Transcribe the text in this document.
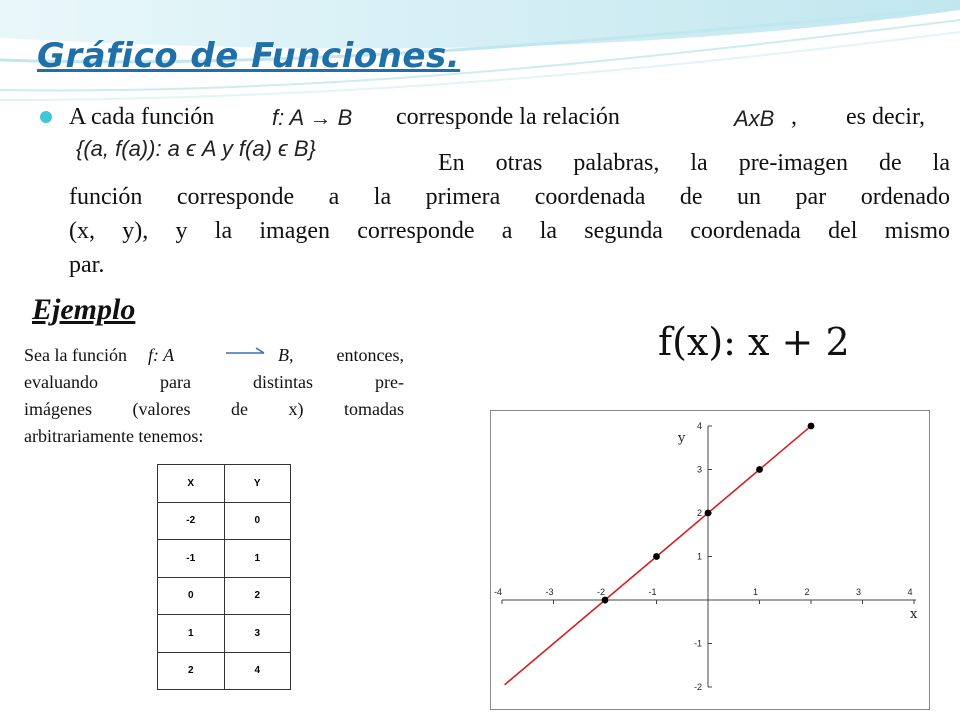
Gráfico de Funciones.
A cada función	f: A → B corresponde la relación	AxB , es decir,
{(a, f(a)): a ϵ A y f(a) ϵ B}
En otras palabras, la pre-imagen de la
función corresponde a la primera coordenada de un par ordenado
(x, y), y la imagen corresponde a la segunda coordenada del mismo
par.
Ejemplo
Sea la función f: A	B,	entonces,
evaluando para distintas pre-
imágenes (valores de x) tomadas
arbitrariamente tenemos:
f(x): x + 2
X	Y
-2	0
-1	1
0	2
1	3
2	4
-4	-3	-2	-1	1	2	3	4
-2
-1
1
2
3
4
x
y
